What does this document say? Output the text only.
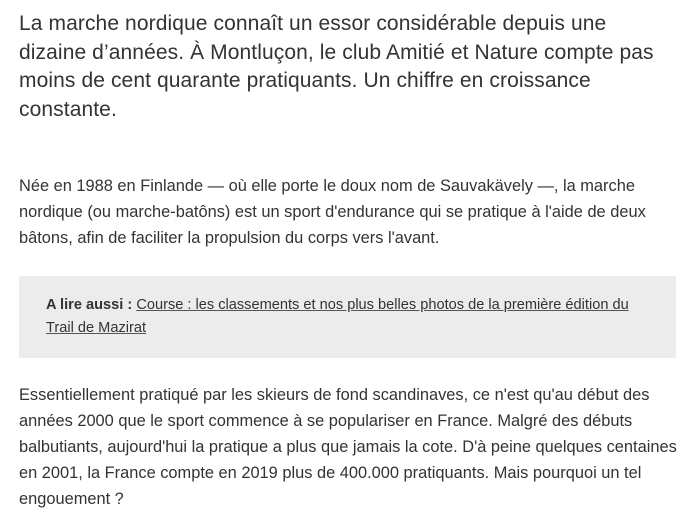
La marche nordique connaît un essor considérable depuis une dizaine d’années. À Montluçon, le club Amitié et Nature compte pas moins de cent quarante pratiquants. Un chiffre en croissance constante.

Née en 1988 en Finlande — où elle porte le doux nom de Sauvakävely —, la marche nordique (ou marche-batôns) est un sport d'endurance qui se pratique à l'aide de deux bâtons, afin de faciliter la propulsion du corps vers l'avant.

A lire aussi : Course : les classements et nos plus belles photos de la première édition du Trail de Mazirat

Essentiellement pratiqué par les skieurs de fond scandinaves, ce n'est qu'au début des années 2000 que le sport commence à se populariser en France. Malgré des débuts balbutiants, aujourd'hui la pratique a plus que jamais la cote. D'à peine quelques centaines en 2001, la France compte en 2019 plus de 400.000 pratiquants. Mais pourquoi un tel engouement ?
